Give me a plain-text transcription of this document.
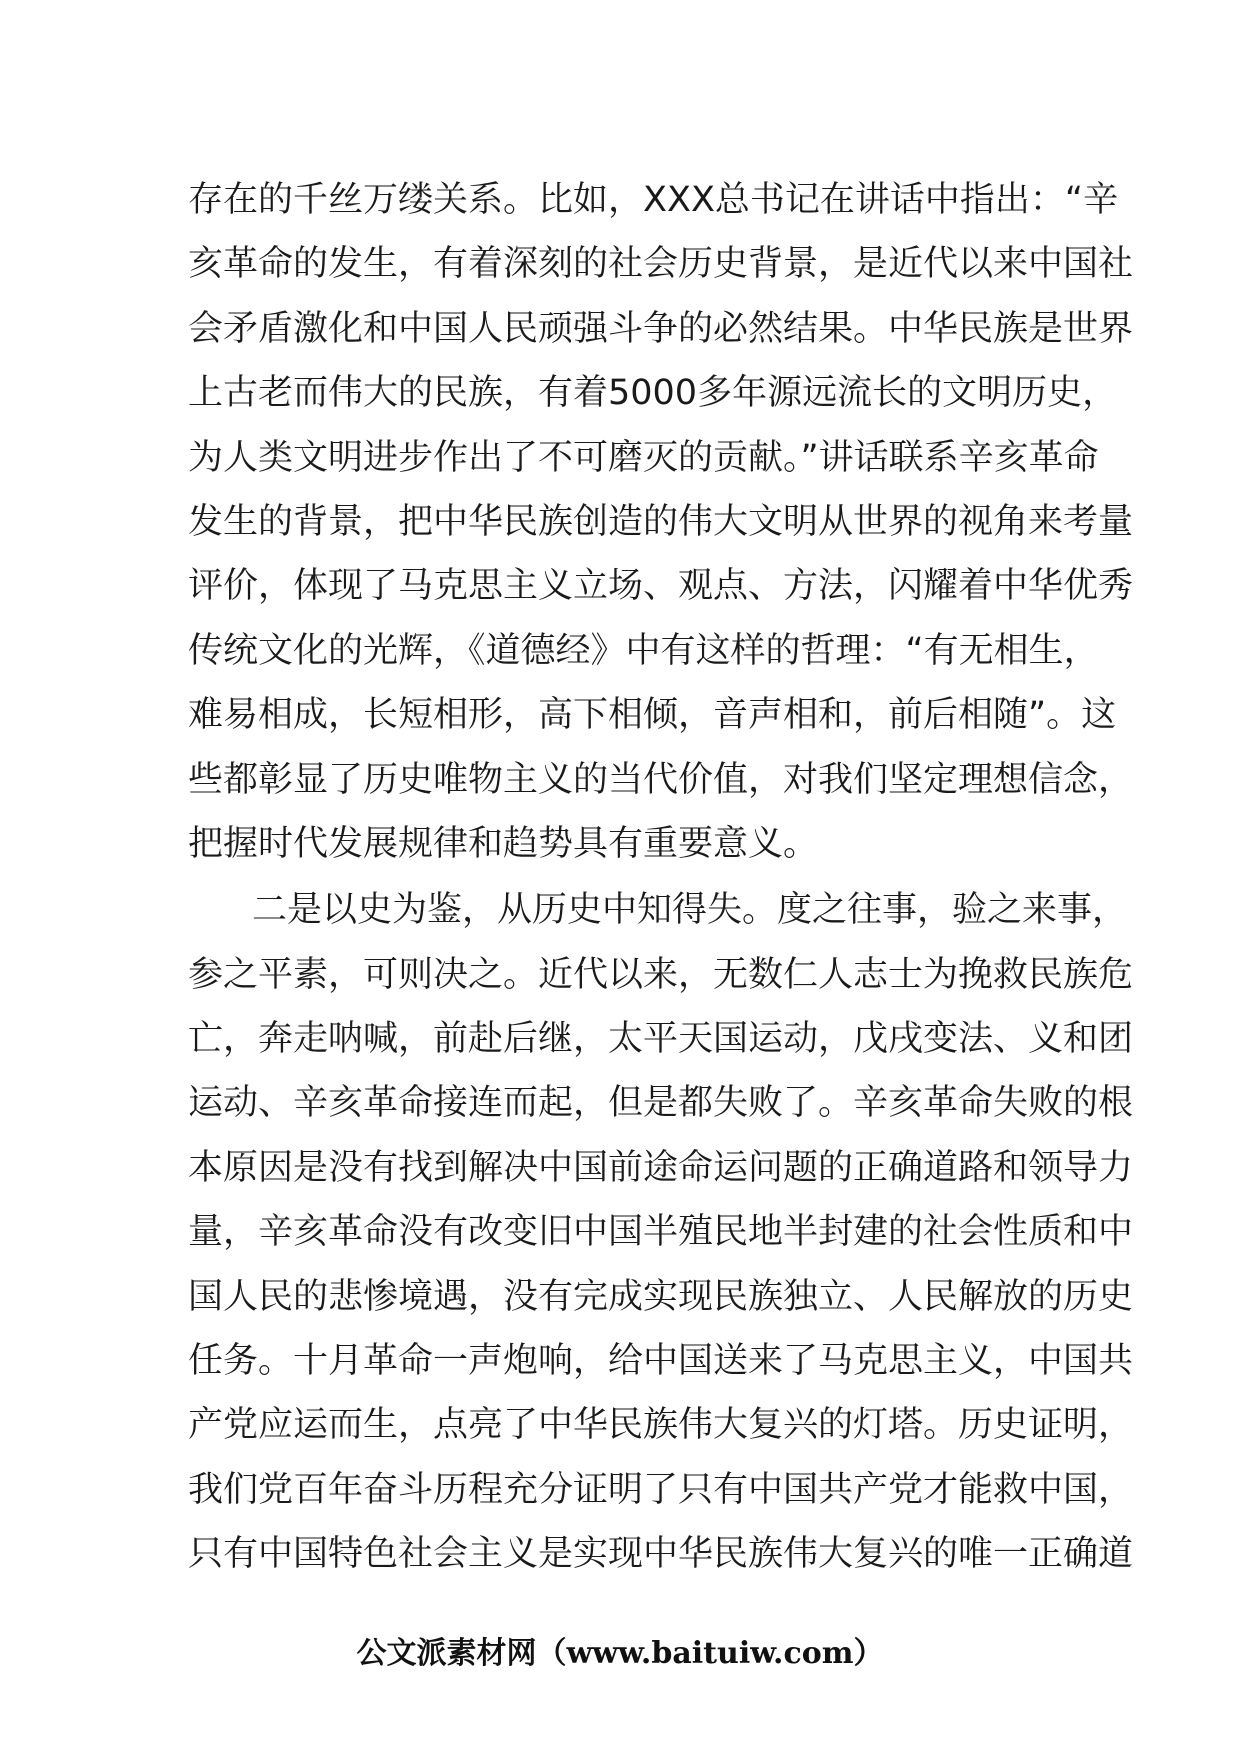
存在的千丝万缕关系。比如，XXX总书记在讲话中指出：“辛
亥革命的发生，有着深刻的社会历史背景，是近代以来中国社
会矛盾激化和中国人民顽强斗争的必然结果。中华民族是世界
上古老而伟大的民族，有着5000多年源远流长的文明历史，
为人类文明进步作出了不可磨灭的贡献。”讲话联系辛亥革命
发生的背景，把中华民族创造的伟大文明从世界的视角来考量
评价，体现了马克思主义立场、观点、方法，闪耀着中华优秀
传统文化的光辉，《道德经》中有这样的哲理：“有无相生，
难易相成，长短相形，高下相倾，音声相和，前后相随”。这
些都彰显了历史唯物主义的当代价值，对我们坚定理想信念，
把握时代发展规律和趋势具有重要意义。
二是以史为鉴，从历史中知得失。度之往事，验之来事，
参之平素，可则决之。近代以来，无数仁人志士为挽救民族危
亡，奔走呐喊，前赴后继，太平天国运动，戊戌变法、义和团
运动、辛亥革命接连而起，但是都失败了。辛亥革命失败的根
本原因是没有找到解决中国前途命运问题的正确道路和领导力
量，辛亥革命没有改变旧中国半殖民地半封建的社会性质和中
国人民的悲惨境遇，没有完成实现民族独立、人民解放的历史
任务。十月革命一声炮响，给中国送来了马克思主义，中国共
产党应运而生，点亮了中华民族伟大复兴的灯塔。历史证明，
我们党百年奋斗历程充分证明了只有中国共产党才能救中国，
只有中国特色社会主义是实现中华民族伟大复兴的唯一正确道
公文派素材网（www.baituiw.com）
